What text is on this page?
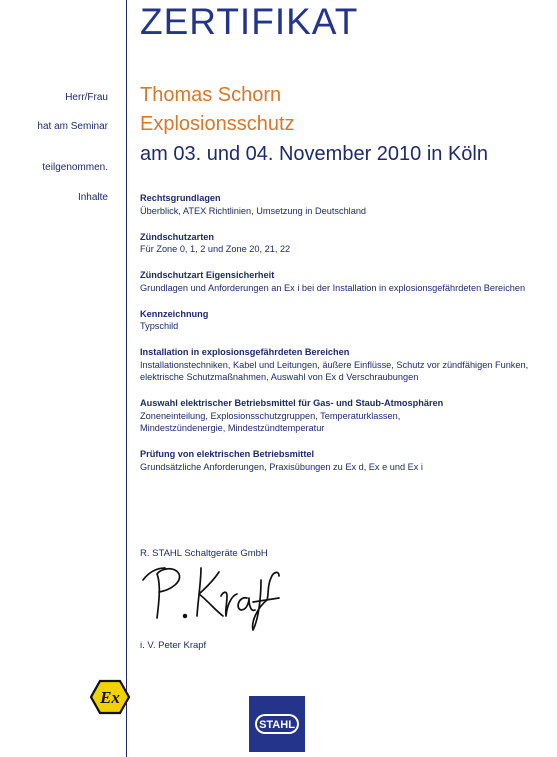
ZERTIFIKAT
Herr/Frau
hat am Seminar
teilgenommen.
Inhalte
Thomas Schorn
Explosionsschutz
am 03. und 04. November 2010 in Köln
Rechtsgrundlagen
Überblick, ATEX Richtlinien, Umsetzung in Deutschland
Zündschutzarten
Für Zone 0, 1, 2 und Zone 20, 21, 22
Zündschutzart Eigensicherheit
Grundlagen und Anforderungen an Ex i bei der Installation in explosionsgefährdeten Bereichen
Kennzeichnung
Typschild
Installation in explosionsgefährdeten Bereichen
Installationstechniken, Kabel und Leitungen, äußere Einflüsse, Schutz vor zündfähigen Funken,
elektrische Schutzmaßnahmen, Auswahl von Ex d Verschraubungen
Auswahl elektrischer Betriebsmittel für Gas- und Staub-Atmosphären
Zoneneinteilung, Explosionsschutzgruppen, Temperaturklassen,
Mindestzündenergie, Mindestzündtemperatur
Prüfung von elektrischen Betriebsmittel
Grundsätzliche Anforderungen, Praxisübungen zu Ex d, Ex e und Ex i
R. STAHL Schaltgeräte GmbH
i. V. Peter Krapf
Ex
STAHL
